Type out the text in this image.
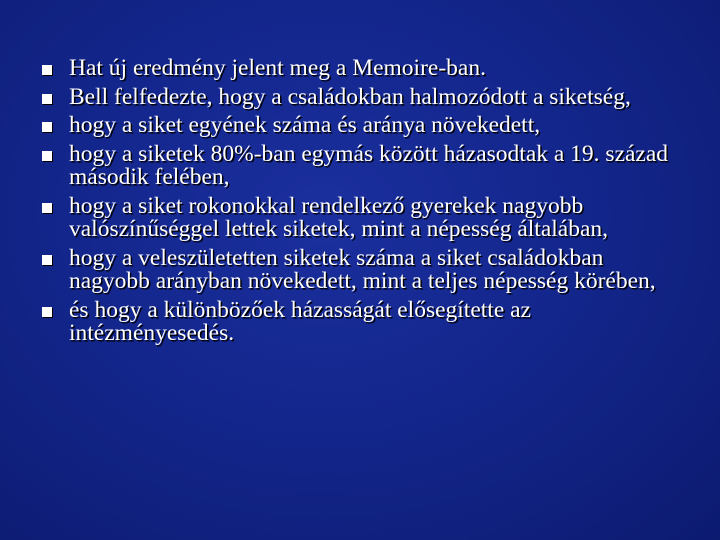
Hat új eredmény jelent meg a Memoire-ban.
Bell felfedezte, hogy a családokban halmozódott a siketség,
hogy a siket egyének száma és aránya növekedett,
hogy a siketek 80%-ban egymás között házasodtak a 19. század második felében,
hogy a siket rokonokkal rendelkező gyerekek nagyobb valószínűséggel lettek siketek, mint a népesség általában,
hogy a veleszületetten siketek száma a siket családokban nagyobb arányban növekedett, mint a teljes népesség körében,
és hogy a különbözőek házasságát elősegítette az intézményesedés.
